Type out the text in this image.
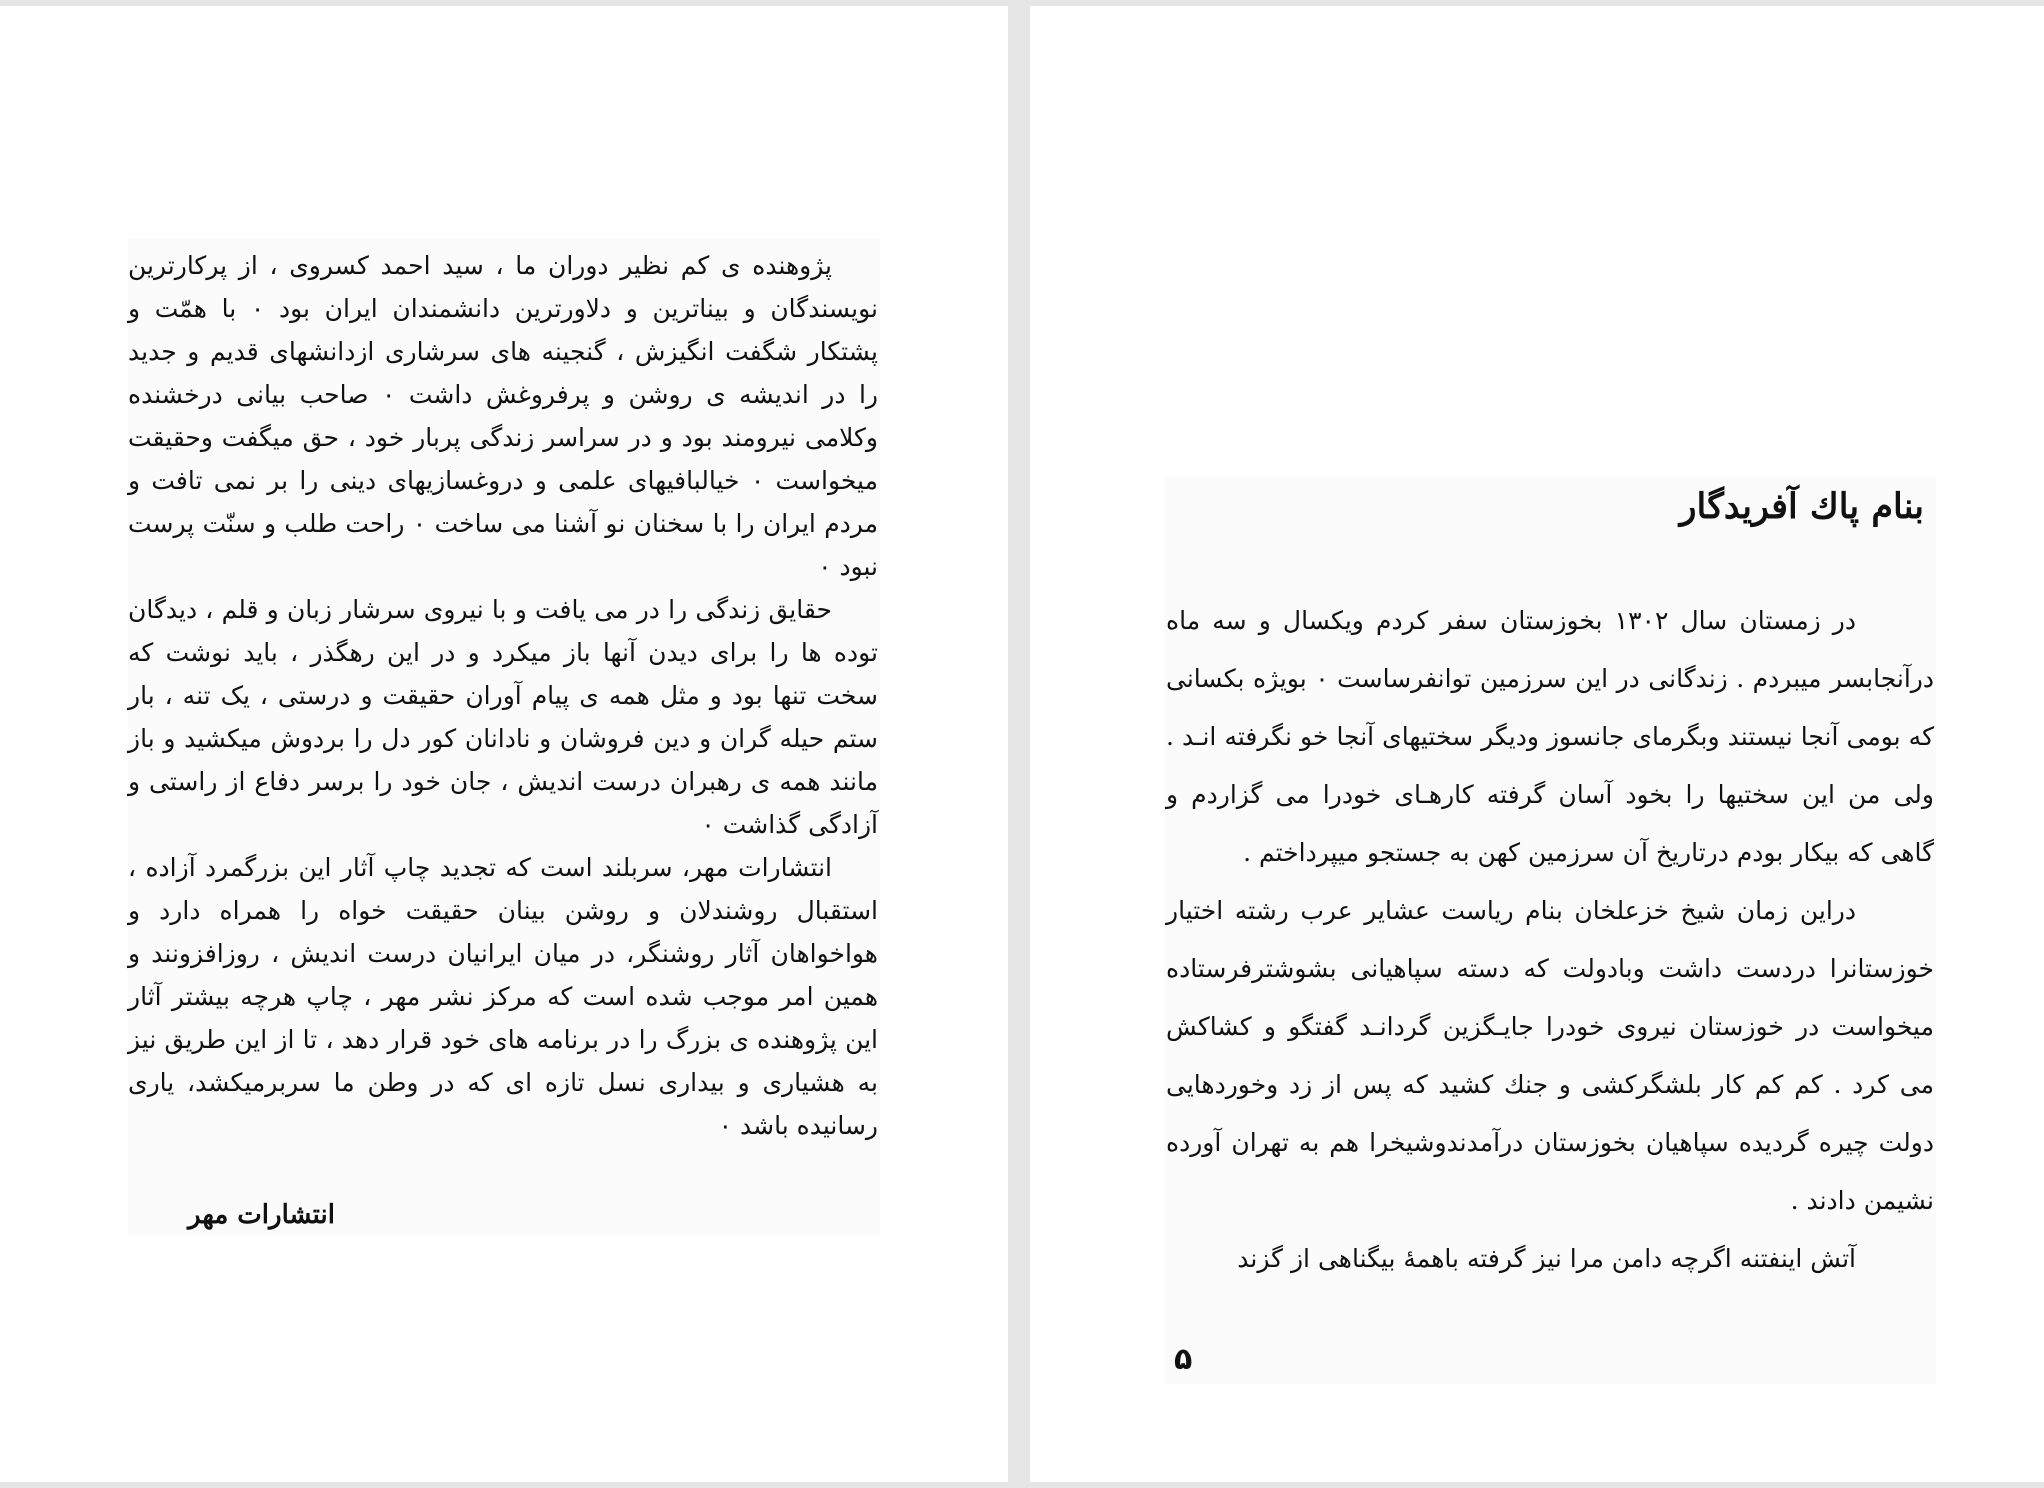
پژوهنده ی کم نظیر دوران ما ، سید احمد کسروی ، از پرکارترین نویسندگان و بیناترین و دلاورترین دانشمندان ایران بود ٠ با همّت و پشتکار شگفت انگیزش ، گنجینه های سرشاری ازدانشهای قدیم و جدید را در اندیشه ی روشن و پرفروغش داشت ٠ صاحب بیانی درخشنده وکلامی نیرومند بود و در سراسر زندگی پربار خود ، حق میگفت وحقیقت میخواست ٠ خیالبافیهای علمی و دروغسازیهای دینی را بر نمی تافت و مردم ایران را با سخنان نو آشنا می ساخت ٠ راحت طلب و سنّت پرست نبود ٠

حقایق زندگی را در می یافت و با نیروی سرشار زبان و قلم ، دیدگان توده ها را برای دیدن آنها باز میکرد و در این رهگذر ، باید نوشت که سخت تنها بود و مثل همه ی پیام آوران حقیقت و درستی ، یک تنه ، بار ستم حیله گران و دین فروشان و نادانان کور دل را بردوش میکشید و باز مانند همه ی رهبران درست اندیش ، جان خود را برسر دفاع از راستی و آزادگی گذاشت ٠

انتشارات مهر، سربلند است که تجدید چاپ آثار این بزرگمرد آزاده ، استقبال روشندلان و روشن بینان حقیقت خواه را همراه دارد و هواخواهان آثار روشنگر، در میان ایرانیان درست اندیش ، روزافزونند و همین امر موجب شده است که مرکز نشر مهر ، چاپ هرچه بیشتر آثار این پژوهنده ی بزرگ را در برنامه های خود قرار دهد ، تا از این طریق نیز به هشیاری و بیداری نسل تازه ای که در وطن ما سربرمیکشد، یاری رسانیده باشد ٠

انتشارات مهر
بنام پاك آفريدگار

در زمستان سال ۱۳۰۲ بخوزستان سفر کردم ویکسال و سه ماه درآنجابسر میبردم . زندگانی در این سرزمین توانفرساست ٠ بویژه بکسانی که بومی آنجا نیستند وبگرمای جانسوز ودیگر سختیهای آنجا خو نگرفته انـد . ولی من این سختیها را بخود آسان گرفته کارهـای خودرا می گزاردم و گاهی که بیکار بودم درتاریخ آن سرزمین کهن به جستجو میپرداختم .

دراین زمان شیخ خزعلخان بنام ریاست عشایر عرب رشته اختیار خوزستانرا دردست داشت وبادولت که دسته سپاهیانی بشوشترفرستاده میخواست در خوزستان نیروی خودرا جایـگزین گردانـد گفتگو و کشاکش می کرد . کم کم کار بلشگرکشی و جنك کشید که پس از زد وخوردهایی دولت چیره گردیده سپاهیان بخوزستان درآمدندوشیخرا هم به تهران آورده نشیمن دادند .

آتش اینفتنه اگرچه دامن مرا نیز گرفته باهمهٔ بیگناهی از گزند

۵
